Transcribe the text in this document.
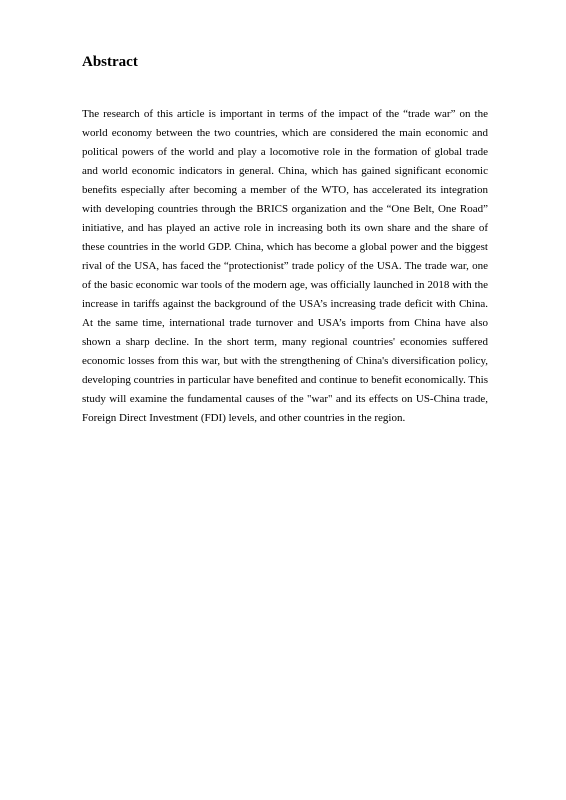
Abstract

The research of this article is important in terms of the impact of the “trade war” on the world economy between the two countries, which are considered the main economic and political powers of the world and play a locomotive role in the formation of global trade and world economic indicators in general. China, which has gained significant economic benefits especially after becoming a member of the WTO, has accelerated its integration with developing countries through the BRICS organization and the “One Belt, One Road” initiative, and has played an active role in increasing both its own share and the share of these countries in the world GDP. China, which has become a global power and the biggest rival of the USA, has faced the “protectionist” trade policy of the USA. The trade war, one of the basic economic war tools of the modern age, was officially launched in 2018 with the increase in tariffs against the background of the USA’s increasing trade deficit with China. At the same time, international trade turnover and USA’s imports from China have also shown a sharp decline. In the short term, many regional countries' economies suffered economic losses from this war, but with the strengthening of China's diversification policy, developing countries in particular have benefited and continue to benefit economically. This study will examine the fundamental causes of the "war" and its effects on US-China trade, Foreign Direct Investment (FDI) levels, and other countries in the region.
